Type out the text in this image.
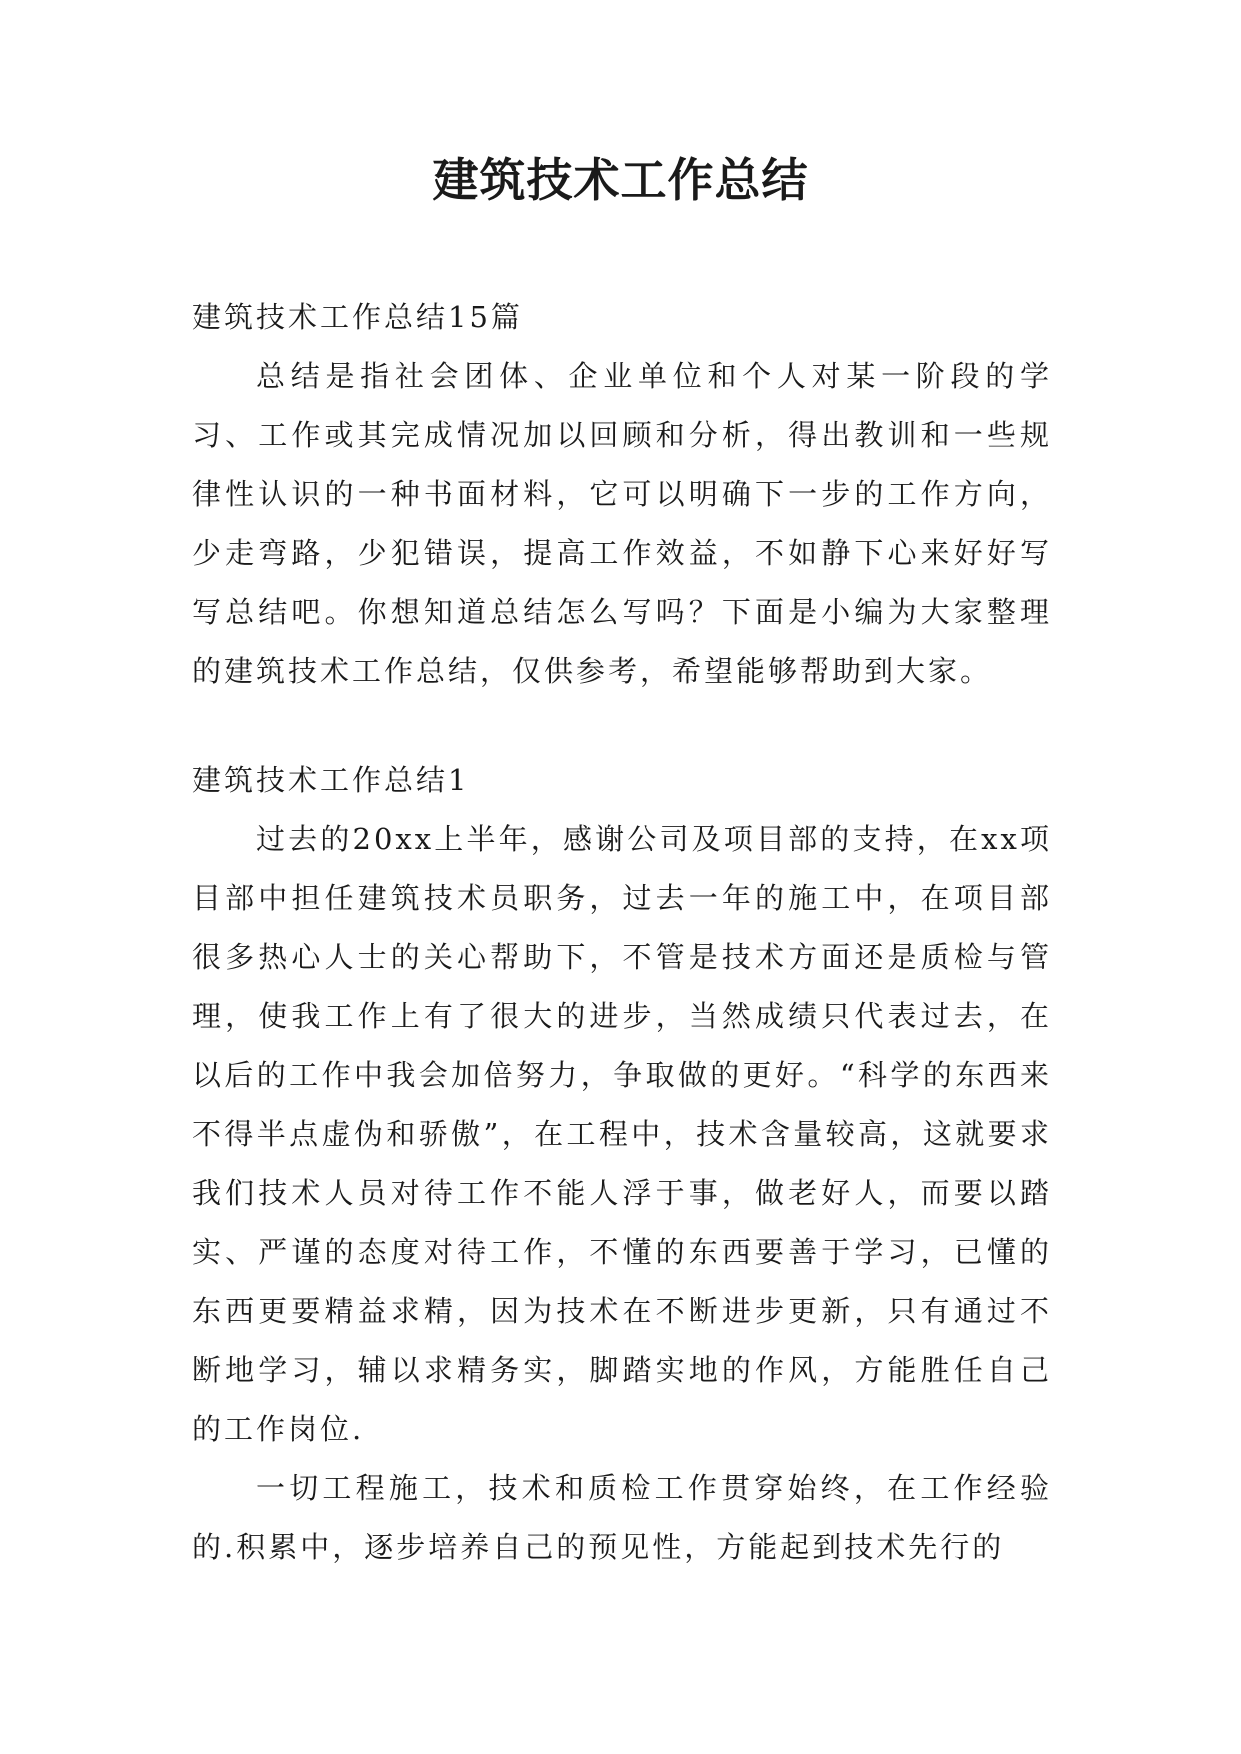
建筑技术工作总结

建筑技术工作总结15篇

总结是指社会团体、企业单位和个人对某一阶段的学习、工作或其完成情况加以回顾和分析，得出教训和一些规律性认识的一种书面材料，它可以明确下一步的工作方向，少走弯路，少犯错误，提高工作效益，不如静下心来好好写写总结吧。你想知道总结怎么写吗？下面是小编为大家整理的建筑技术工作总结，仅供参考，希望能够帮助到大家。

建筑技术工作总结1

过去的20xx上半年，感谢公司及项目部的支持，在xx项目部中担任建筑技术员职务，过去一年的施工中，在项目部很多热心人士的关心帮助下，不管是技术方面还是质检与管理，使我工作上有了很大的进步，当然成绩只代表过去，在以后的工作中我会加倍努力，争取做的更好。“科学的东西来不得半点虚伪和骄傲”，在工程中，技术含量较高，这就要求我们技术人员对待工作不能人浮于事，做老好人，而要以踏实、严谨的态度对待工作，不懂的东西要善于学习，已懂的东西更要精益求精，因为技术在不断进步更新，只有通过不断地学习，辅以求精务实，脚踏实地的作风，方能胜任自己的工作岗位.

一切工程施工，技术和质检工作贯穿始终，在工作经验的.积累中，逐步培养自己的预见性，方能起到技术先行的
